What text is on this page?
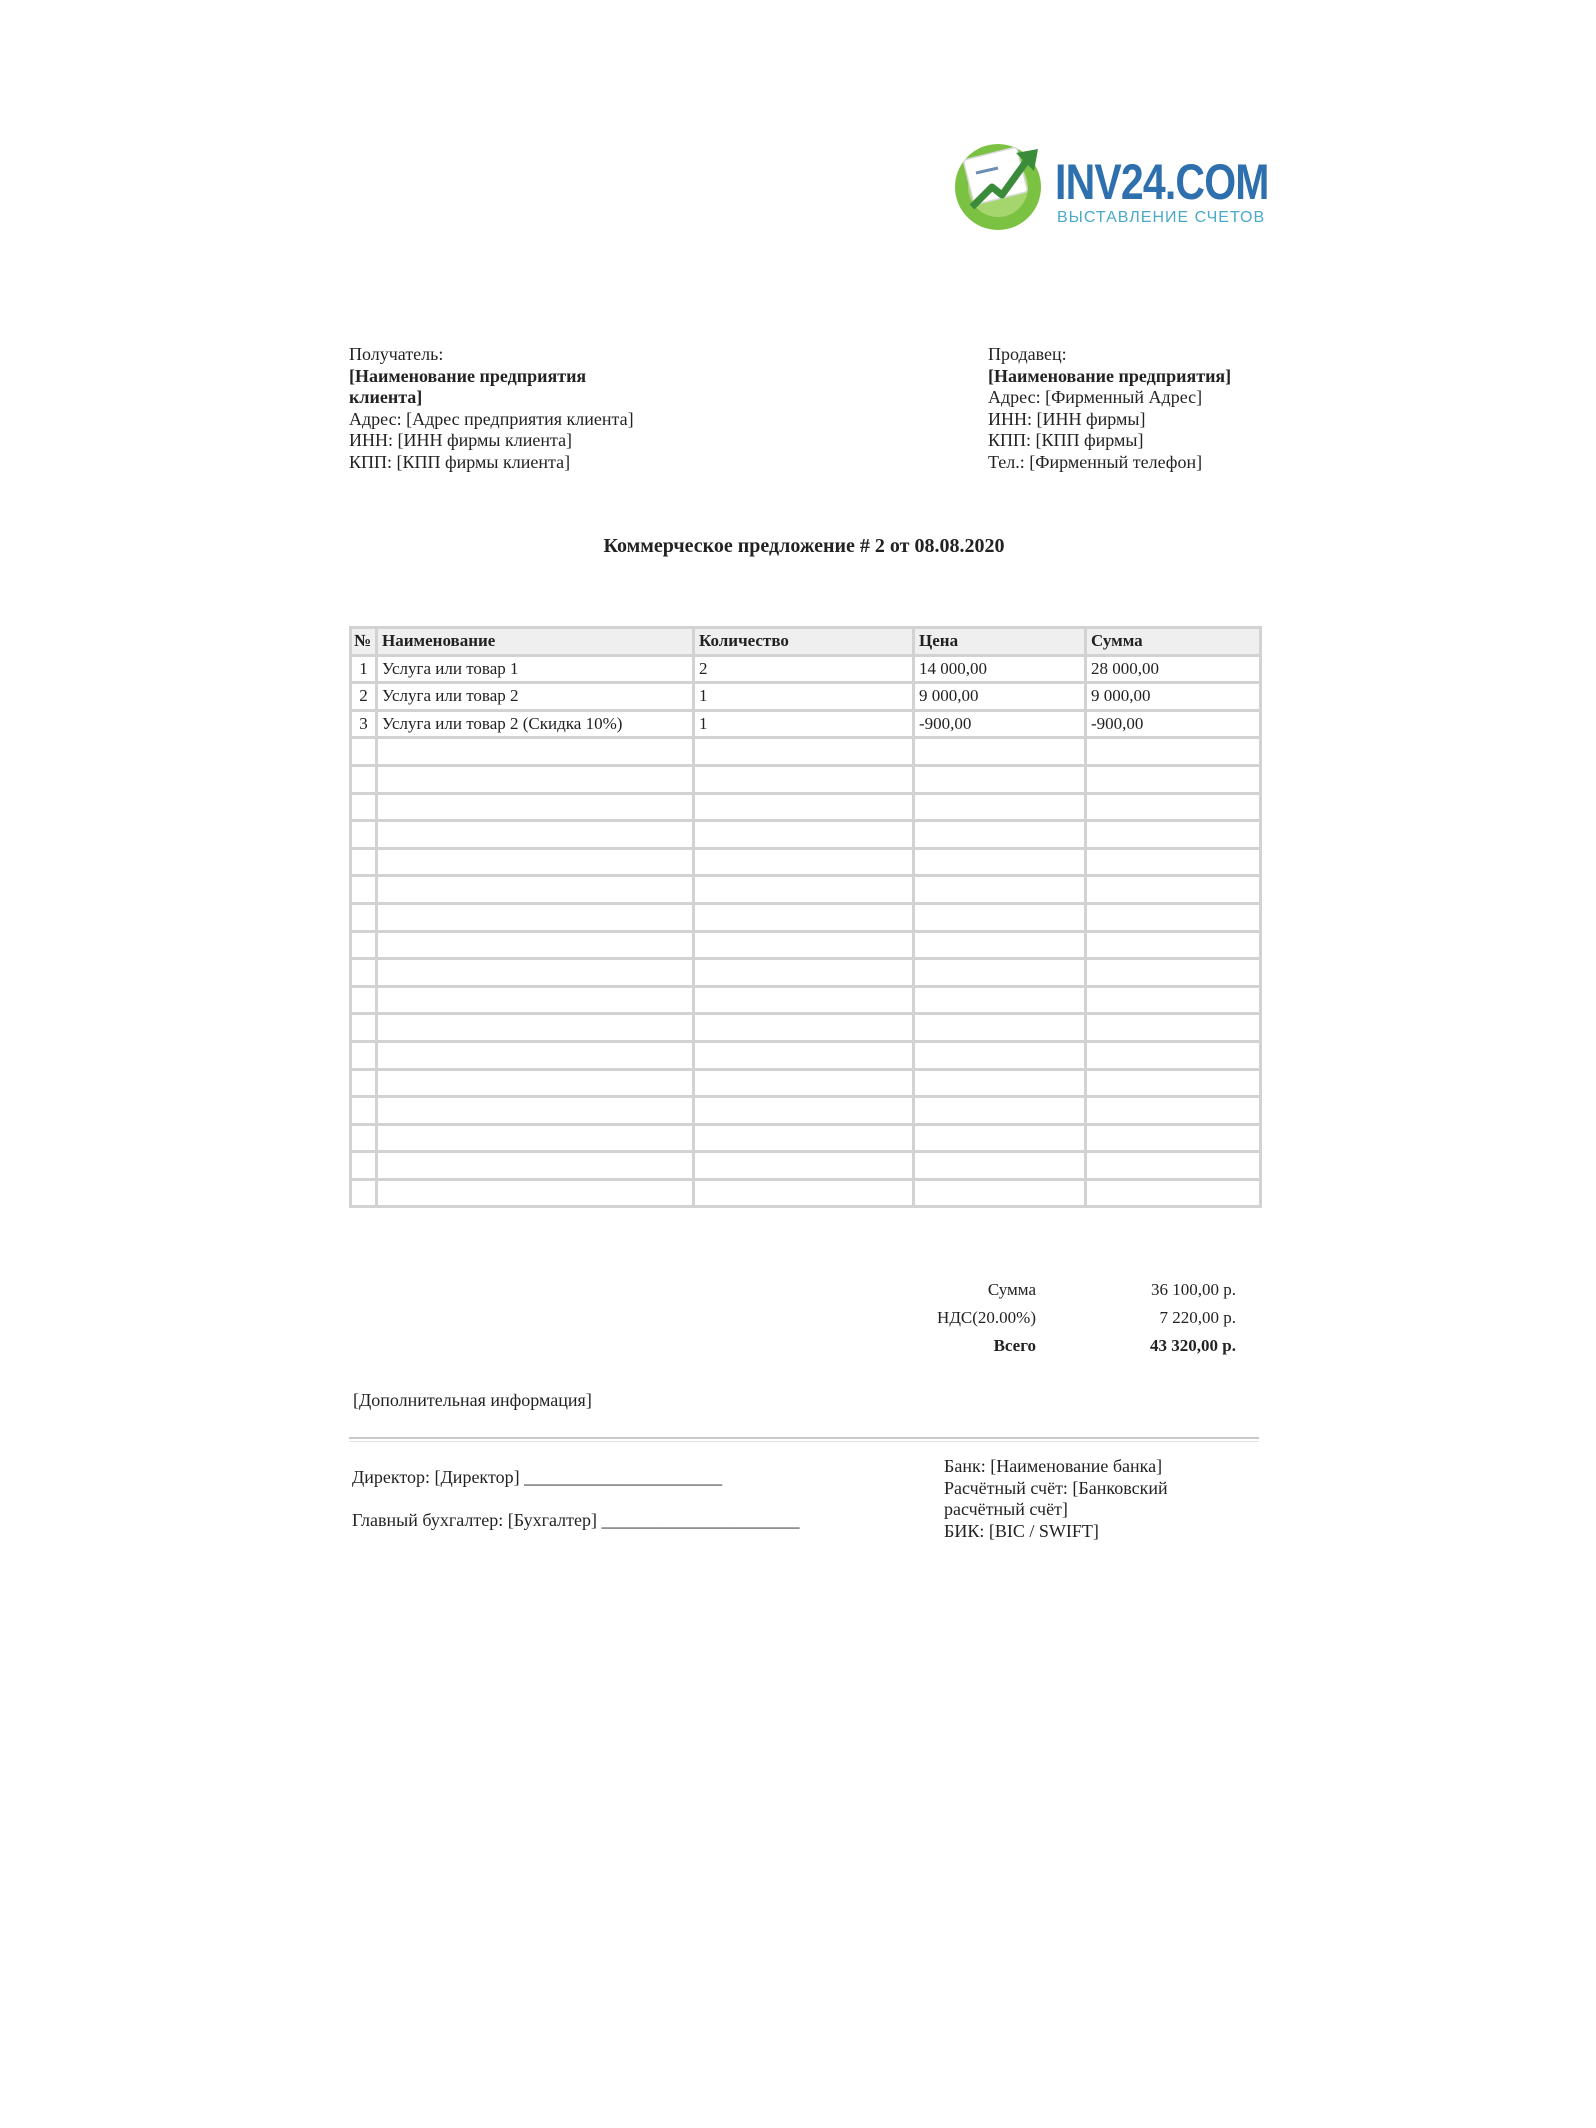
INV24.COM
ВЫСТАВЛЕНИЕ СЧЕТОВ
Получатель:
[Наименование предприятия
клиента]
Адрес: [Адрес предприятия клиента]
ИНН: [ИНН фирмы клиента]
КПП: [КПП фирмы клиента]
Продавец:
[Наименование предприятия]
Адрес: [Фирменный Адрес]
ИНН: [ИНН фирмы]
КПП: [КПП фирмы]
Тел.: [Фирменный телефон]
Коммерческое предложение # 2 от 08.08.2020
№	Наименование	Количество	Цена	Сумма
1	Услуга или товар 1	2	14 000,00	28 000,00
2	Услуга или товар 2	1	9 000,00	9 000,00
3	Услуга или товар 2 (Скидка 10%)	1	-900,00	-900,00

Сумма	36 100,00 р.
НДС(20.00%)	7 220,00 р.
Всего	43 320,00 р.
[Дополнительная информация]
Директор: [Директор] ______________________
Главный бухгалтер: [Бухгалтер] ______________________
Банк: [Наименование банка]
Расчётный счёт: [Банковский
расчётный счёт]
БИК: [BIC / SWIFT]
